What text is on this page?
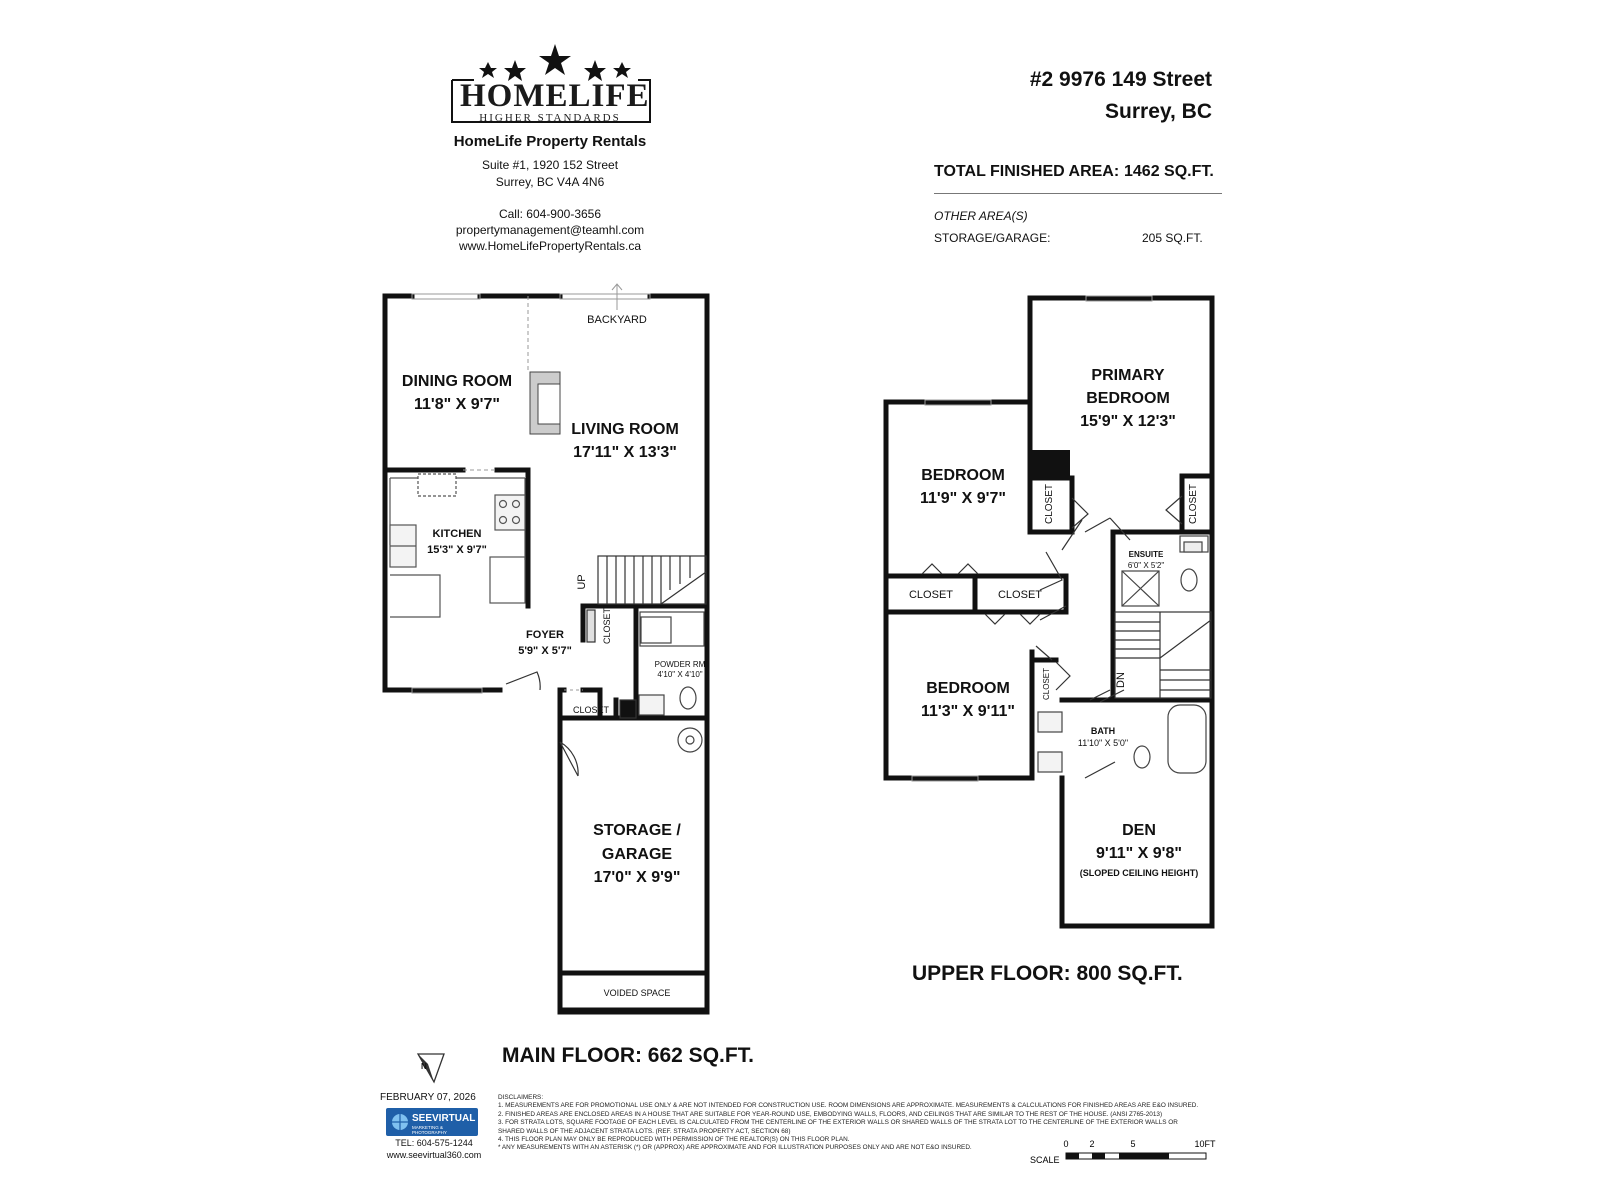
HOMELIFE
HIGHER STANDARDS
HomeLife Property Rentals
Suite #1, 1920 152 Street
Surrey, BC V4A 4N6
Call: 604-900-3656
propertymanagement@teamhl.com
www.HomeLifePropertyRentals.ca
#2 9976 149 Street
Surrey, BC
TOTAL FINISHED AREA: 1462 SQ.FT.
OTHER AREA(S)
STORAGE/GARAGE:	205 SQ.FT.
BACKYARD
DINING ROOM
11'8" X 9'7"
LIVING ROOM
17'11" X 13'3"
KITCHEN
15'3" X 9'7"
FOYER
5'9" X 5'7"
UP
CLOSET
POWDER RM
4'10" X 4'10"
CLOSET
STORAGE /
GARAGE
17'0" X 9'9"
VOIDED SPACE
MAIN FLOOR: 662 SQ.FT.
PRIMARY
BEDROOM
15'9" X 12'3"
BEDROOM
11'9" X 9'7"
BEDROOM
11'3" X 9'11"
CLOSET	CLOSET
CLOSET	CLOSET
CLOSET
ENSUITE
6'0" X 5'2"
BATH
11'10" X 5'0"
DN
DEN
9'11" X 9'8"
(SLOPED CEILING HEIGHT)
UPPER FLOOR: 800 SQ.FT.
N
FEBRUARY 07, 2026
SEEVIRTUAL
MARKETING & PHOTOGRAPHY
TEL: 604-575-1244
www.seevirtual360.com
DISCLAIMERS:
1. MEASUREMENTS ARE FOR PROMOTIONAL USE ONLY & ARE NOT INTENDED FOR CONSTRUCTION USE. ROOM DIMENSIONS ARE APPROXIMATE. MEASUREMENTS & CALCULATIONS FOR FINISHED AREAS ARE E&O INSURED.
2. FINISHED AREAS ARE ENCLOSED AREAS IN A HOUSE THAT ARE SUITABLE FOR YEAR-ROUND USE, EMBODYING WALLS, FLOORS, AND CEILINGS THAT ARE SIMILAR TO THE REST OF THE HOUSE. (ANSI Z765-2013)
3. FOR STRATA LOTS, SQUARE FOOTAGE OF EACH LEVEL IS CALCULATED FROM THE CENTERLINE OF THE EXTERIOR WALLS OR SHARED WALLS OF THE STRATA LOT TO THE CENTERLINE OF THE EXTERIOR WALLS OR
SHARED WALLS OF THE ADJACENT STRATA LOTS. (REF. STRATA PROPERTY ACT, SECTION 68)
4. THIS FLOOR PLAN MAY ONLY BE REPRODUCED WITH PERMISSION OF THE REALTOR(S) ON THIS FLOOR PLAN.
* ANY MEASUREMENTS WITH AN ASTERISK (*) OR (APPROX) ARE APPROXIMATE AND FOR ILLUSTRATION PURPOSES ONLY AND ARE NOT E&O INSURED.	0 2	5	10FT
SCALE
